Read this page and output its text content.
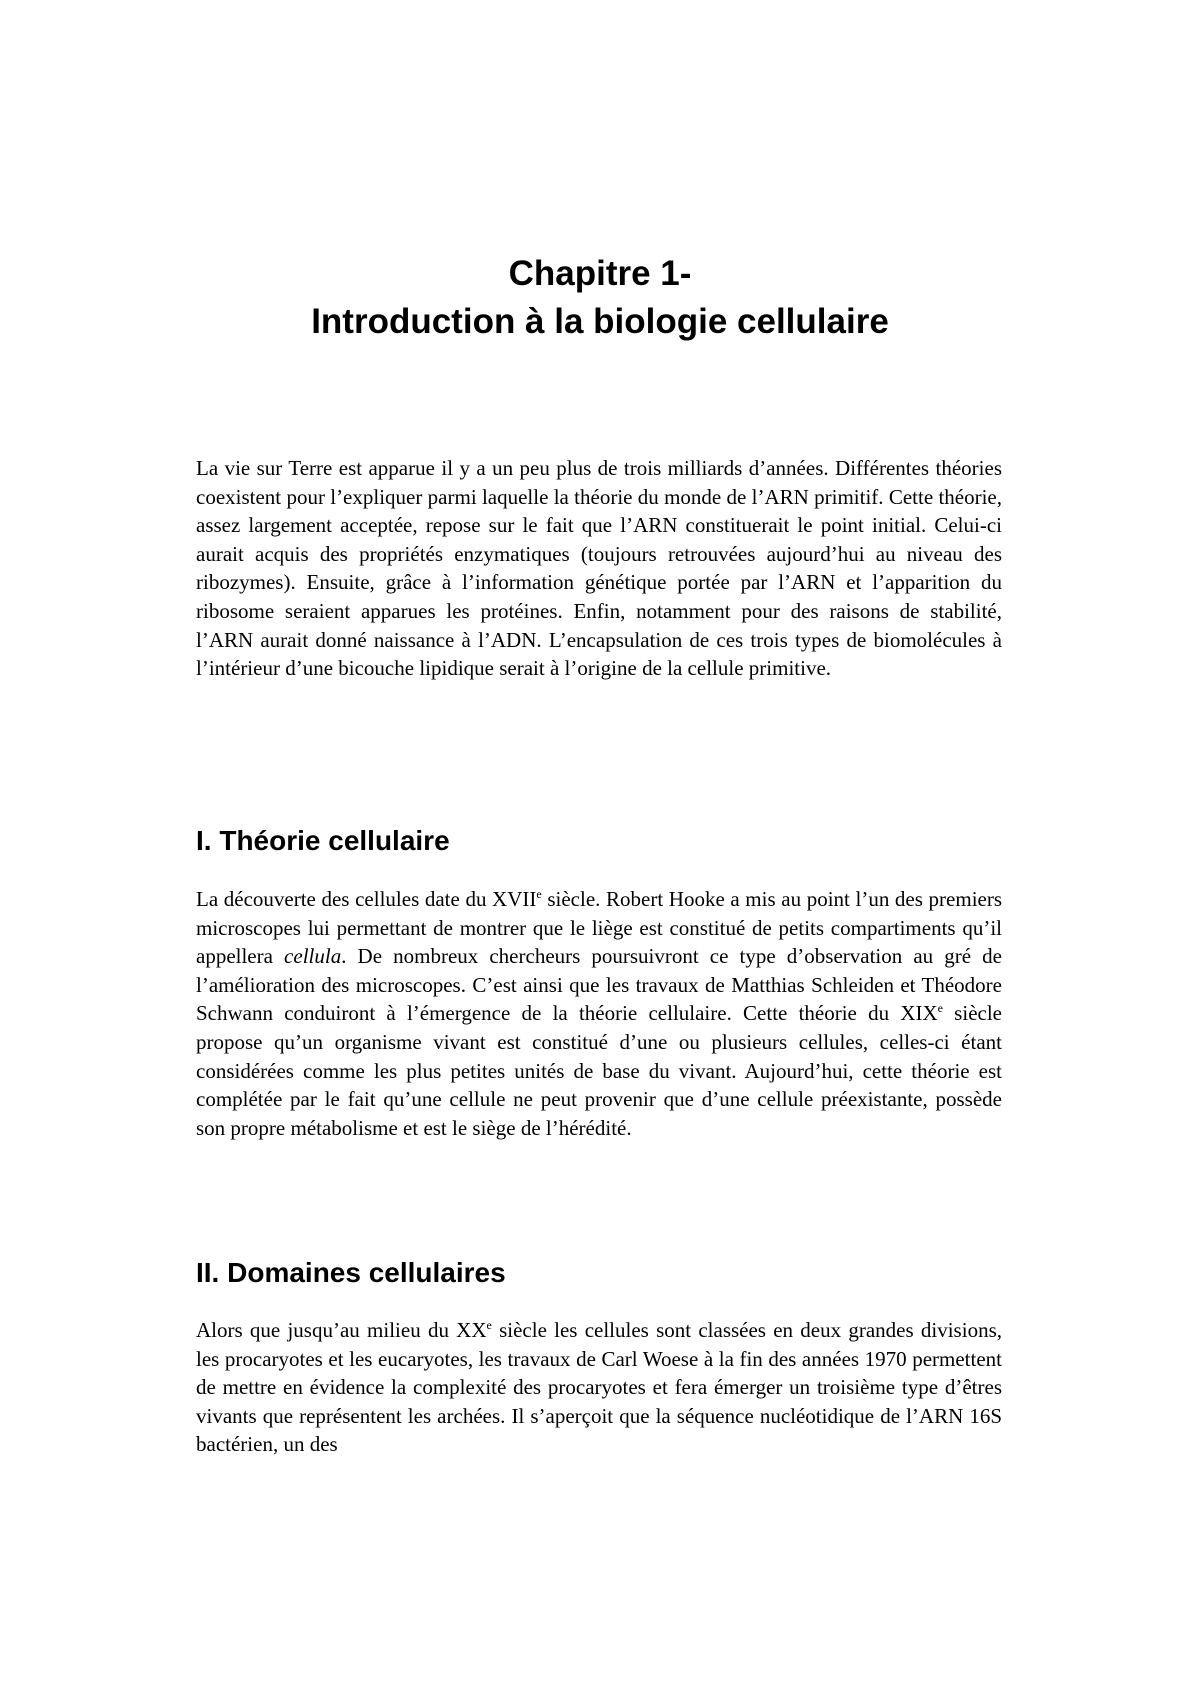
Chapitre 1-
Introduction à la biologie cellulaire

La vie sur Terre est apparue il y a un peu plus de trois milliards d’années. Différentes théories coexistent pour l’expliquer parmi laquelle la théorie du monde de l’ARN primitif. Cette théorie, assez largement acceptée, repose sur le fait que l’ARN constituerait le point initial. Celui-ci aurait acquis des propriétés enzymatiques (toujours retrouvées aujourd’hui au niveau des ribozymes). Ensuite, grâce à l’information génétique portée par l’ARN et l’apparition du ribosome seraient apparues les protéines. Enfin, notamment pour des raisons de stabilité, l’ARN aurait donné naissance à l’ADN. L’encapsulation de ces trois types de biomolécules à l’intérieur d’une bicouche lipidique serait à l’origine de la cellule primitive.

I. Théorie cellulaire

La découverte des cellules date du XVIIe siècle. Robert Hooke a mis au point l’un des premiers microscopes lui permettant de montrer que le liège est constitué de petits compartiments qu’il appellera cellula. De nombreux chercheurs poursuivront ce type d’observation au gré de l’amélioration des microscopes. C’est ainsi que les travaux de Matthias Schleiden et Théodore Schwann conduiront à l’émergence de la théorie cellulaire. Cette théorie du XIXe siècle propose qu’un organisme vivant est constitué d’une ou plusieurs cellules, celles-ci étant considérées comme les plus petites unités de base du vivant. Aujourd’hui, cette théorie est complétée par le fait qu’une cellule ne peut provenir que d’une cellule préexistante, possède son propre métabolisme et est le siège de l’hérédité.

II. Domaines cellulaires

Alors que jusqu’au milieu du XXe siècle les cellules sont classées en deux grandes divisions, les procaryotes et les eucaryotes, les travaux de Carl Woese à la fin des années 1970 permettent de mettre en évidence la complexité des procaryotes et fera émerger un troisième type d’êtres vivants que représentent les archées. Il s’aperçoit que la séquence nucléotidique de l’ARN 16S bactérien, un des
